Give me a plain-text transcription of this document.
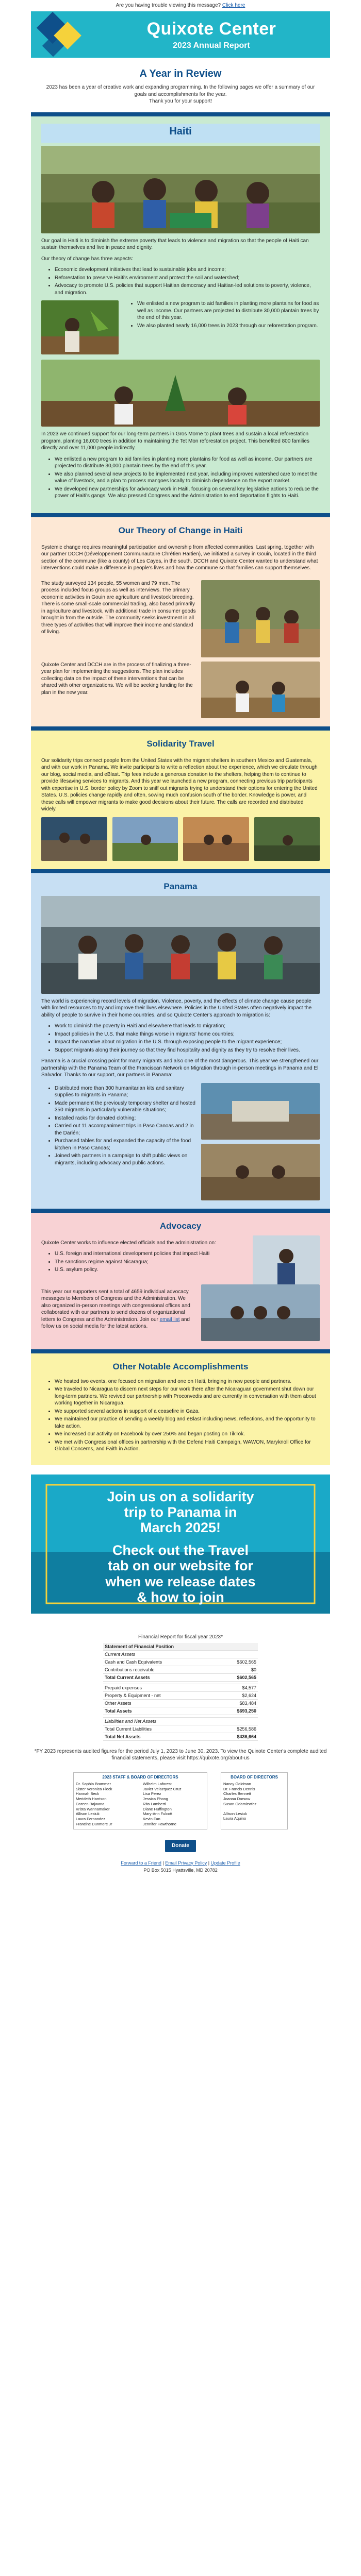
Are you having trouble viewing this message? Click here
Quixote Center
2023 Annual Report
A Year in Review

2023 has been a year of creative work and expanding programming. In the following pages we offer a summary of our goals and accomplishments for the year.

Thank you for your support!

Haiti

Our goal in Haiti is to diminish the extreme poverty that leads to violence and migration so that the people of Haiti can sustain themselves and live in peace and dignity.

Our theory of change has three aspects:

• Economic development initiatives that lead to sustainable jobs and income;
• Reforestation to preserve Haiti's environment and protect the soil and watershed;
• Advocacy to promote U.S. policies that support Haitian democracy and Haitian-led solutions to poverty, violence, and migration.
• We enlisted a new program to aid families in planting more plantains for food as well as income. Our partners are projected to distribute 30,000 plantain trees by the end of this year.
• We also planted nearly 16,000 trees in 2023 through our reforestation program.

In 2023 we continued support for our long-term partners in Gros Morne to plant trees and sustain a local reforestation program, planting 16,000 trees in addition to maintaining the Tet Mon reforestation project. This benefited 800 families directly and over 11,000 people indirectly.

• We enlisted a new program to aid families in planting more plantains for food as well as income. Our partners are projected to distribute 30,000 plantain trees by the end of this year.
• We also planned several new projects to be implemented next year, including improved watershed care to meet the value of livestock, and a plan to process mangoes locally to diminish dependence on the export market.
• We developed new partnerships for advocacy work in Haiti, focusing on several key legislative actions to reduce the power of Haiti's gangs. We also pressed Congress and the Administration to end deportation flights to Haiti.
Our Theory of Change in Haiti

Systemic change requires meaningful participation and ownership from affected communities. Last spring, together with our partner DCCH (Développement Communautaire Chrétien Haïtien), we initiated a survey in Gouin, located in the third section of the commune (like a county) of Les Cayes, in the south. DCCH and Quixote Center wanted to understand what interventions could make a difference in people's lives and how the commune so that families can support themselves.

The study surveyed 134 people, 55 women and 79 men. The process included focus groups as well as interviews. The primary economic activities in Gouin are agriculture and livestock breeding. There is some small-scale commercial trading, also based primarily in agriculture and livestock, with additional trade in consumer goods brought in from the outside. The community seeks investment in all three types of activities that will improve their income and standard of living.

Quixote Center and DCCH are in the process of finalizing a three-year plan for implementing the suggestions. The plan includes collecting data on the impact of these interventions that can be shared with other organizations. We will be seeking funding for the plan in the new year.

Solidarity Travel

Our solidarity trips connect people from the United States with the migrant shelters in southern Mexico and Guatemala, and with our work in Panama. We invite participants to write a reflection about the experience, which we circulate through our blog, social media, and eBlast. Trip fees include a generous donation to the shelters, helping them to continue to provide lifesaving services to migrants. And this year we launched a new program, connecting previous trip participants with expertise in U.S. border policy by Zoom to sniff out migrants trying to understand their options for entering the United States. U.S. policies change rapidly and often, sowing much confusion south of the border. Knowledge is power, and these calls will empower migrants to make good decisions about their future. The calls are recorded and distributed widely.

Panama

The world is experiencing record levels of migration. Violence, poverty, and the effects of climate change cause people with limited resources to try and improve their lives elsewhere. Policies in the United States often negatively impact the ability of people to survive in their home countries, and so Quixote Center's approach to migration is:

• Work to diminish the poverty in Haiti and elsewhere that leads to migration;
• Impact policies in the U.S. that make things worse in migrants' home countries;
• Impact the narrative about migration in the U.S. through exposing people to the migrant experience;
• Support migrants along their journey so that they find hospitality and dignity as they try to resolve their lives.

Panama is a crucial crossing point for many migrants and also one of the most dangerous. This year we strengthened our partnership with the Panama Team of the Franciscan Network on Migration through in-person meetings in Panama and El Salvador. Thanks to our support, our partners in Panama:

• Distributed more than 300 humanitarian kits and sanitary supplies to migrants in Panama;
• Made permanent the previously temporary shelter and hosted 350 migrants in particularly vulnerable situations;
• Installed racks for donated clothing;
• Carried out 11 accompaniment trips in Paso Canoas and 2 in the Darién;
• Purchased tables for and expanded the capacity of the food kitchen in Paso Canoas;
• Joined with partners in a campaign to shift public views on migrants, including advocacy and public actions.
Advocacy

Quixote Center works to influence elected officials and the administration on:

• U.S. foreign and international development policies that impact Haiti
• The sanctions regime against Nicaragua;
• U.S. asylum policy.

This year our supporters sent a total of 4659 individual advocacy messages to Members of Congress and the Administration. We also organized in-person meetings with congressional offices and collaborated with our partners to send dozens of organizational letters to Congress and the Administration. Join our email list and follow us on social media for the latest actions.

Other Notable Accomplishments
• We hosted two events, one focused on migration and one on Haiti, bringing in new people and partners.
• We traveled to Nicaragua to discern next steps for our work there after the Nicaraguan government shut down our long-term partners. We revived our partnership with Proconvedis and are currently in conversation with them about working together in Nicaragua.
• We supported several actions in support of a ceasefire in Gaza.
• We maintained our practice of sending a weekly blog and eBlast including news, reflections, and the opportunity to take action.
• We increased our activity on Facebook by over 250% and began posting on TikTok.
• We met with Congressional offices in partnership with the Defend Haiti Campaign, WAWON, Maryknoll Office for Global Concerns, and Faith in Action.
Join us on a solidarity
trip to Panama in
March 2025!
Check out the Travel
tab on our website for
when we release dates
& how to join
Financial Report for fiscal year 2023*
Statement of Financial Position	
Current Assets	
Cash and Cash Equivalents	$602,565
Contributions receivable	$0
Total Current Assets	$602,565

Prepaid expenses	$4,577
Property & Equipment - net	$2,624
Other Assets	$83,484
Total Assets	$693,250

Liabilities and Net Assets	
Total Current Liabilities	$256,586
Total Net Assets	$436,664
*FY 2023 represents audited figures for the period July 1, 2023 to June 30, 2023. To view the Quixote Center's complete audited financial statements, please visit https://quixote.org/about-us
2023 STAFF & BOARD OF DIRECTORS
Dr. Sophia Brammer
Sister Veronica Fleck
Hannah Beck
Merideth Harrison
Doreen Bajwana
Krista Wannamaker
Allison Lesiuk
Laura Fernandez
Francine Dunmore Jr
Wilhelm Laforest
Javier Velazquez Cruz
Lisa Perez
Jessica Phong
Rita Lamberti
Diane Huffington
Mary-Ann Fulcott
Kevin Fan
Jennifer Hawthorne
BOARD OF DIRECTORS
Nancy Goldman
Dr. Francis Dennis
Charles Bennett
Joanna Darsow
Susan Odamiewicz
Allison Lesiuk
Laura Aquino
Donate
Forward to a Friend | Email Privacy Policy | Update Profile
PO Box 5015 Hyattsville, MD 20782
